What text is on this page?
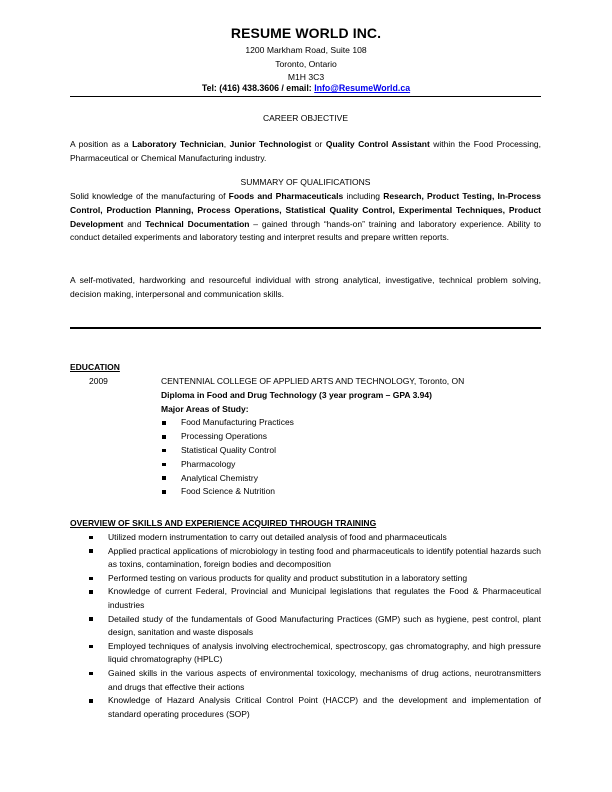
RESUME WORLD INC.
1200 Markham Road, Suite 108
Toronto, Ontario
M1H 3C3
Tel: (416) 438.3606 / email: Info@ResumeWorld.ca
CAREER OBJECTIVE
A position as a Laboratory Technician, Junior Technologist or Quality Control Assistant within the Food Processing, Pharmaceutical or Chemical Manufacturing industry.
SUMMARY OF QUALIFICATIONS
Solid knowledge of the manufacturing of Foods and Pharmaceuticals including Research, Product Testing, In-Process Control, Production Planning, Process Operations, Statistical Quality Control, Experimental Techniques, Product Development and Technical Documentation – gained through “hands-on” training and laboratory experience. Ability to conduct detailed experiments and laboratory testing and interpret results and prepare written reports.
A self-motivated, hardworking and resourceful individual with strong analytical, investigative, technical problem solving, decision making, interpersonal and communication skills.
EDUCATION
2009	CENTENNIAL COLLEGE OF APPLIED ARTS AND TECHNOLOGY, Toronto, ON
Diploma in Food and Drug Technology (3 year program – GPA 3.94)
Major Areas of Study:
Food Manufacturing Practices
Processing Operations
Statistical Quality Control
Pharmacology
Analytical Chemistry
Food Science & Nutrition
OVERVIEW OF SKILLS AND EXPERIENCE ACQUIRED THROUGH TRAINING
Utilized modern instrumentation to carry out detailed analysis of food and pharmaceuticals
Applied practical applications of microbiology in testing food and pharmaceuticals to identify potential hazards such as toxins, contamination, foreign bodies and decomposition
Performed testing on various products for quality and product substitution in a laboratory setting
Knowledge of current Federal, Provincial and Municipal legislations that regulates the Food & Pharmaceutical industries
Detailed study of the fundamentals of Good Manufacturing Practices (GMP) such as hygiene, pest control, plant design, sanitation and waste disposals
Employed techniques of analysis involving electrochemical, spectroscopy, gas chromatography, and high pressure liquid chromatography (HPLC)
Gained skills in the various aspects of environmental toxicology, mechanisms of drug actions, neurotransmitters and drugs that effective their actions
Knowledge of Hazard Analysis Critical Control Point (HACCP) and the development and implementation of standard operating procedures (SOP)
